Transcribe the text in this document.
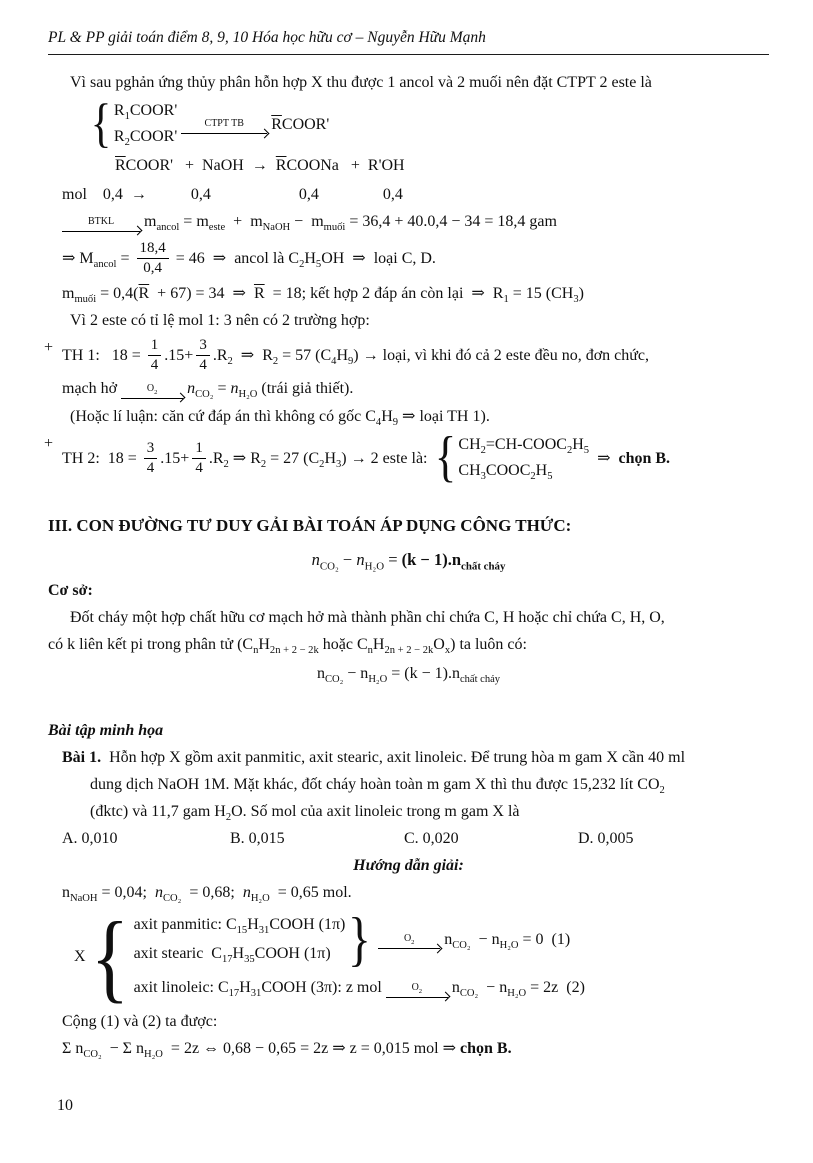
PL & PP giải toán điểm 8, 9, 10 Hóa học hữu cơ – Nguyễn Hữu Mạnh

Vì sau pghản ứng thủy phân hỗn hợp X thu được 1 ancol và 2 muối nên đặt CTPT 2 este là

{ $R_1COOR'$
$R_2COOR'$
CTPT TB	$\overline{R}COOR'$

$\overline{R}COOR'$   +  NaOH  →  $\overline{R}COONa + R'OH$

mol    0,4  →           0,4                      0,4                0,4

BTKL	$m_{ancol} = m_{este} + m_{NaOH} - m_{muối} = 36,4 + 40.0,4 - 34 = 18,4$ gam
⇒ $M_{ancol} = \frac{18,4}{0,4} = 46$  ⇒  ancol là $C_2H_5OH$  ⇒  loại C, D.

$m_{muối} = 0,4(\overline{R} + 67) = 34$  ⇒  $\overline{R} = 18$; kết hợp 2 đáp án còn lại  ⇒  $R_1 = 15$ $(CH_3)$

Vì 2 este có tỉ lệ mol 1: 3 nên có 2 trường hợp:

+ TH 1:   $18 = \frac{1}{4} .15+ \frac{3}{4} .R_2$ ⇒  $R_2 = 57$ $(C_4H_9)$ → loại, vì khi đó cả 2 este đều no, đơn chức,
mạch hở	$O_2$	$n_{CO_2} = n_{H_2O}$ (trái giả thiết).

(Hoặc lí luận: căn cứ đáp án thì không có gốc $C_4H_9$ ⇒ loại TH 1).

+
TH 2:  $18 = \frac{3}{4} .15+ \frac{1}{4} .R_2$ ⇒ $R_2 = 27$ $(C_2H_3) \to 2$ este là: { $CH_2=CH-COOC_2H_5$
$CH_3COOC_2H_5$
⇒  chọn B.
III. CON ĐƯỜNG TƯ DUY GẢI BÀI TOÁN ÁP DỤNG CÔNG THỨC:

$n_{CO_2} - n_{H_2O} = (k - 1).n_{chất cháy}$

Cơ sở:

Đốt cháy một hợp chất hữu cơ mạch hở mà thành phần chỉ chứa C, H hoặc chỉ chứa C, H, O,

có k liên kết pi trong phân tử ($C_nH_{2n + 2 - 2k}$ hoặc $C_nH_{2n + 2 - 2k}O_x$) ta luôn có:

$n_{CO_2} - n_{H_2O} = (k - 1).n_{chất cháy}$

Bài tập minh họa

Bài 1. Hỗn hợp X gồm axit panmitic, axit stearic, axit linoleic. Để trung hòa m gam X cần 40 ml

dung dịch NaOH 1M. Mặt khác, đốt cháy hoàn toàn m gam X thì thu được 15,232 lít $CO_2$

(đktc) và 11,7 gam $H_2O$. Số mol của axit linoleic trong m gam X là

A. 0,010	B. 0,015	C. 0,020	D. 0,005

Hướng dẫn giải:

$n_{NaOH} = 0,04$;  $n_{CO_2} = 0,68$;  $n_{H_2O} = 0,65$ mol.

X { axit panmitic: $C_{15}H_{31}COOH$ (1π)
axit stearic  $C_{17}H_{35}COOH$ (1π) }	$O_2$	$n_{CO_2} - n_{H_2O} = 0$  (1)
axit linoleic: $C_{17}H_{31}COOH$ (3π): z mol	$O_2$	$n_{CO_2} - n_{H_2O} = 2z$  (2)

Cộng (1) và (2) ta được:

Σ $n_{CO_2} - \Sigma$ $n_{H_2O} = 2z$ ⇔ 0,68 − 0,65 = 2z ⇒ z = 0,015 mol ⇒ chọn B.

10
